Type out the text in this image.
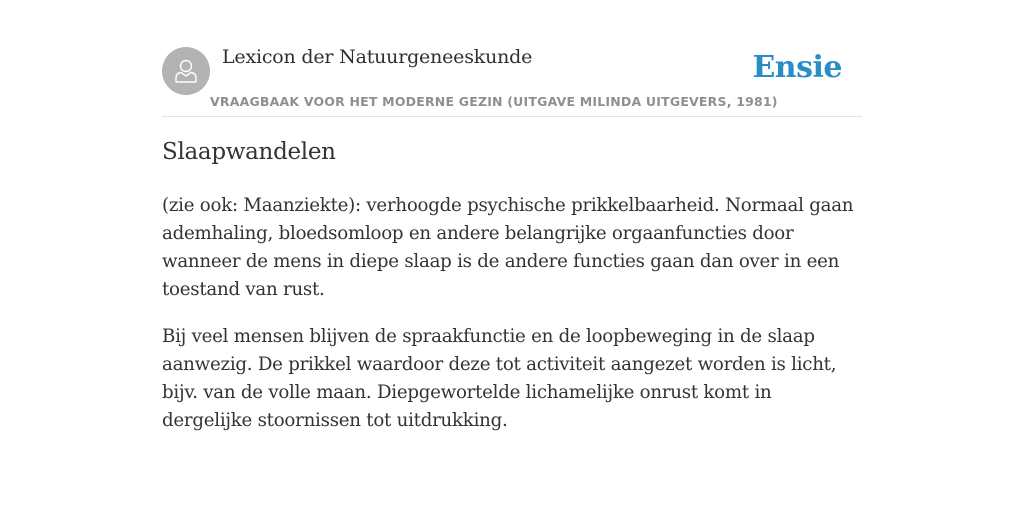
Lexicon der Natuurgeneeskunde
VRAAGBAAK VOOR HET MODERNE GEZIN (UITGAVE MILINDA UITGEVERS, 1981)
Ensie
Slaapwandelen

(zie ook: Maanziekte): verhoogde psychische prikkelbaarheid. Normaal gaan ademhaling, bloedsomloop en andere belangrijke orgaanfuncties door wanneer de mens in diepe slaap is de andere functies gaan dan over in een toestand van rust.

Bij veel mensen blijven de spraakfunctie en de loopbeweging in de slaap aanwezig. De prikkel waardoor deze tot activiteit aangezet worden is licht, bijv. van de volle maan. Diepgewortelde lichamelijke onrust komt in dergelijke stoornissen tot uitdrukking.
